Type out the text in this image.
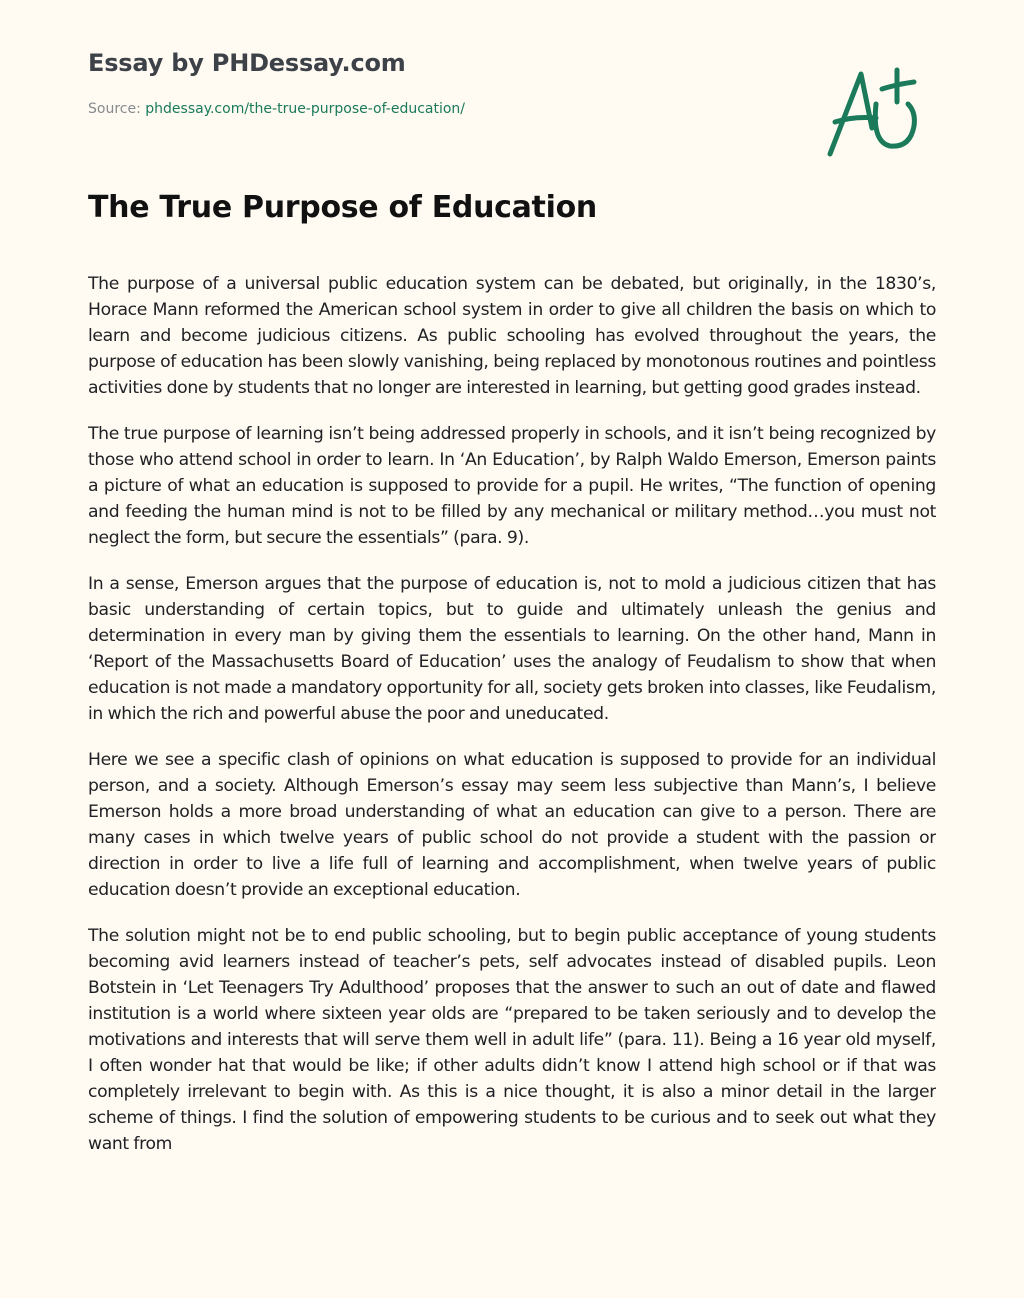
Essay by PHDessay.com
Source: phdessay.com/the-true-purpose-of-education/
The True Purpose of Education

The purpose of a universal public education system can be debated, but originally, in the 1830’s, Horace Mann reformed the American school system in order to give all children the basis on which to learn and become judicious citizens. As public schooling has evolved throughout the years, the purpose of education has been slowly vanishing, being replaced by monotonous routines and pointless activities done by students that no longer are interested in learning, but getting good grades instead.

The true purpose of learning isn’t being addressed properly in schools, and it isn’t being recognized by those who attend school in order to learn. In ‘An Education’, by Ralph Waldo Emerson, Emerson paints a picture of what an education is supposed to provide for a pupil. He writes, “The function of opening and feeding the human mind is not to be filled by any mechanical or military method…you must not neglect the form, but secure the essentials” (para. 9).

In a sense, Emerson argues that the purpose of education is, not to mold a judicious citizen that has basic understanding of certain topics, but to guide and ultimately unleash the genius and determination in every man by giving them the essentials to learning. On the other hand, Mann in ‘Report of the Massachusetts Board of Education’ uses the analogy of Feudalism to show that when education is not made a mandatory opportunity for all, society gets broken into classes, like Feudalism, in which the rich and powerful abuse the poor and uneducated.

Here we see a specific clash of opinions on what education is supposed to provide for an individual person, and a society. Although Emerson’s essay may seem less subjective than Mann’s, I believe Emerson holds a more broad understanding of what an education can give to a person. There are many cases in which twelve years of public school do not provide a student with the passion or direction in order to live a life full of learning and accomplishment, when twelve years of public education doesn’t provide an exceptional education.

The solution might not be to end public schooling, but to begin public acceptance of young students becoming avid learners instead of teacher’s pets, self advocates instead of disabled pupils. Leon Botstein in ‘Let Teenagers Try Adulthood’ proposes that the answer to such an out of date and flawed institution is a world where sixteen year olds are “prepared to be taken seriously and to develop the motivations and interests that will serve them well in adult life” (para. 11). Being a 16 year old myself, I often wonder hat that would be like; if other adults didn’t know I attend high school or if that was completely irrelevant to begin with. As this is a nice thought, it is also a minor detail in the larger scheme of things. I find the solution of empowering students to be curious and to seek out what they want from
